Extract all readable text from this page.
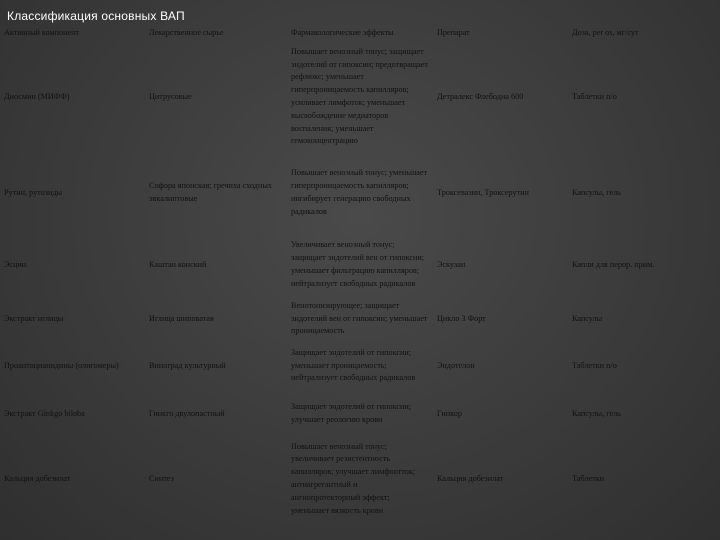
Классификация основных ВАП
Активный компонент	Лекарственное сырье	Фармакологические эффекты	Препарат	Доза, per os, мг/сут
Диосмин (МИФФ)	Цитрусовые	Повышает венозный тонус; защищает эндотелий от гипоксии; предотвращает рефлюкс; уменьшает гиперпроницаемость капилляров; усиливает лимфоток; уменьшает высвобождение медиаторов воспаления; уменьшает гемоконцентрацию	Детралекс Флебодиа 600	Таблетки п/о
Рутин, рутозиды	Софора японская; гречиха сходных эвкалиптовые	Повышает венозный тонус; уменьшает гиперпроницаемость капилляров; ингибирует генерацию свободных радикалов	Троксевазин, Троксерутин	Капсулы, гель
Эсцин	Каштан конский	Увеличивает венозный тонус; защищает эндотелий вен от гипоксии; уменьшает фильтрацию капилляров; нейтрализует свободных радикалов	Эскузан	Капли для перор. прим.
Экстракт иглицы	Иглица шиповатая	Венотонизирующее; защищает эндотелий вен от гипоксии; уменьшает проницаемость	Цикло 3 Форт	Капсулы
Проантоцианидины (олигомеры)	Виноград культурный	Защищает эндотелий от гипоксии; уменьшает проницаемость; нейтрализует свободных радикалов	Эндотелон	Таблетки п/о
Экстракт Ginkgo biloba	Гинкго двулопастный	Защищает эндотелий от гипоксии; улучшает реологию крови	Гинкор	Капсулы, гель
Кальция добезилат	Синтез	Повышает венозный тонус; увеличивает резистентность капилляров; улучшает лимфоотток; антиагрегантный и ангиопротекторный эффект; уменьшает вязкость крови	Кальция добезилат	Таблетки
